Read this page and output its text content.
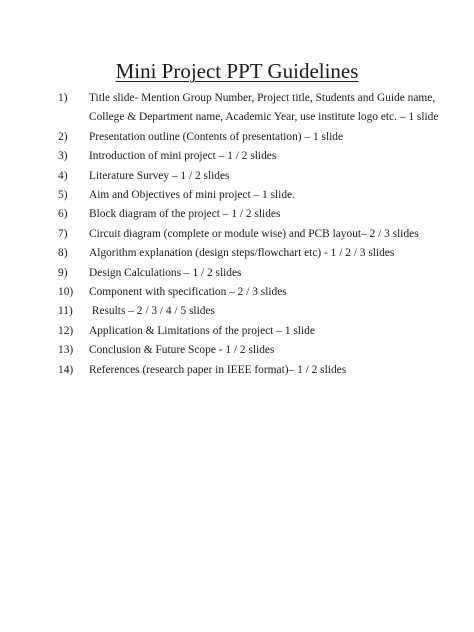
Mini Project PPT Guidelines
1)	Title slide- Mention Group Number, Project title, Students and Guide name,
College & Department name, Academic Year, use institute logo etc. – 1 slide
2)	Presentation outline (Contents of presentation) – 1 slide
3)	Introduction of mini project – 1 / 2 slides
4)	Literature Survey – 1 / 2 slides
5)	Aim and Objectives of mini project – 1 slide.
6)	Block diagram of the project – 1 / 2 slides
7)	Circuit diagram (complete or module wise) and PCB layout– 2 / 3 slides
8)	Algorithm explanation (design steps/flowchart etc) - 1 / 2 / 3 slides
9)	Design Calculations – 1 / 2 slides
10)	Component with specification – 2 / 3 slides
11)	Results – 2 / 3 / 4 / 5 slides
12)	Application & Limitations of the project – 1 slide
13)	Conclusion & Future Scope - 1 / 2 slides
14)	References (research paper in IEEE format)– 1 / 2 slides
